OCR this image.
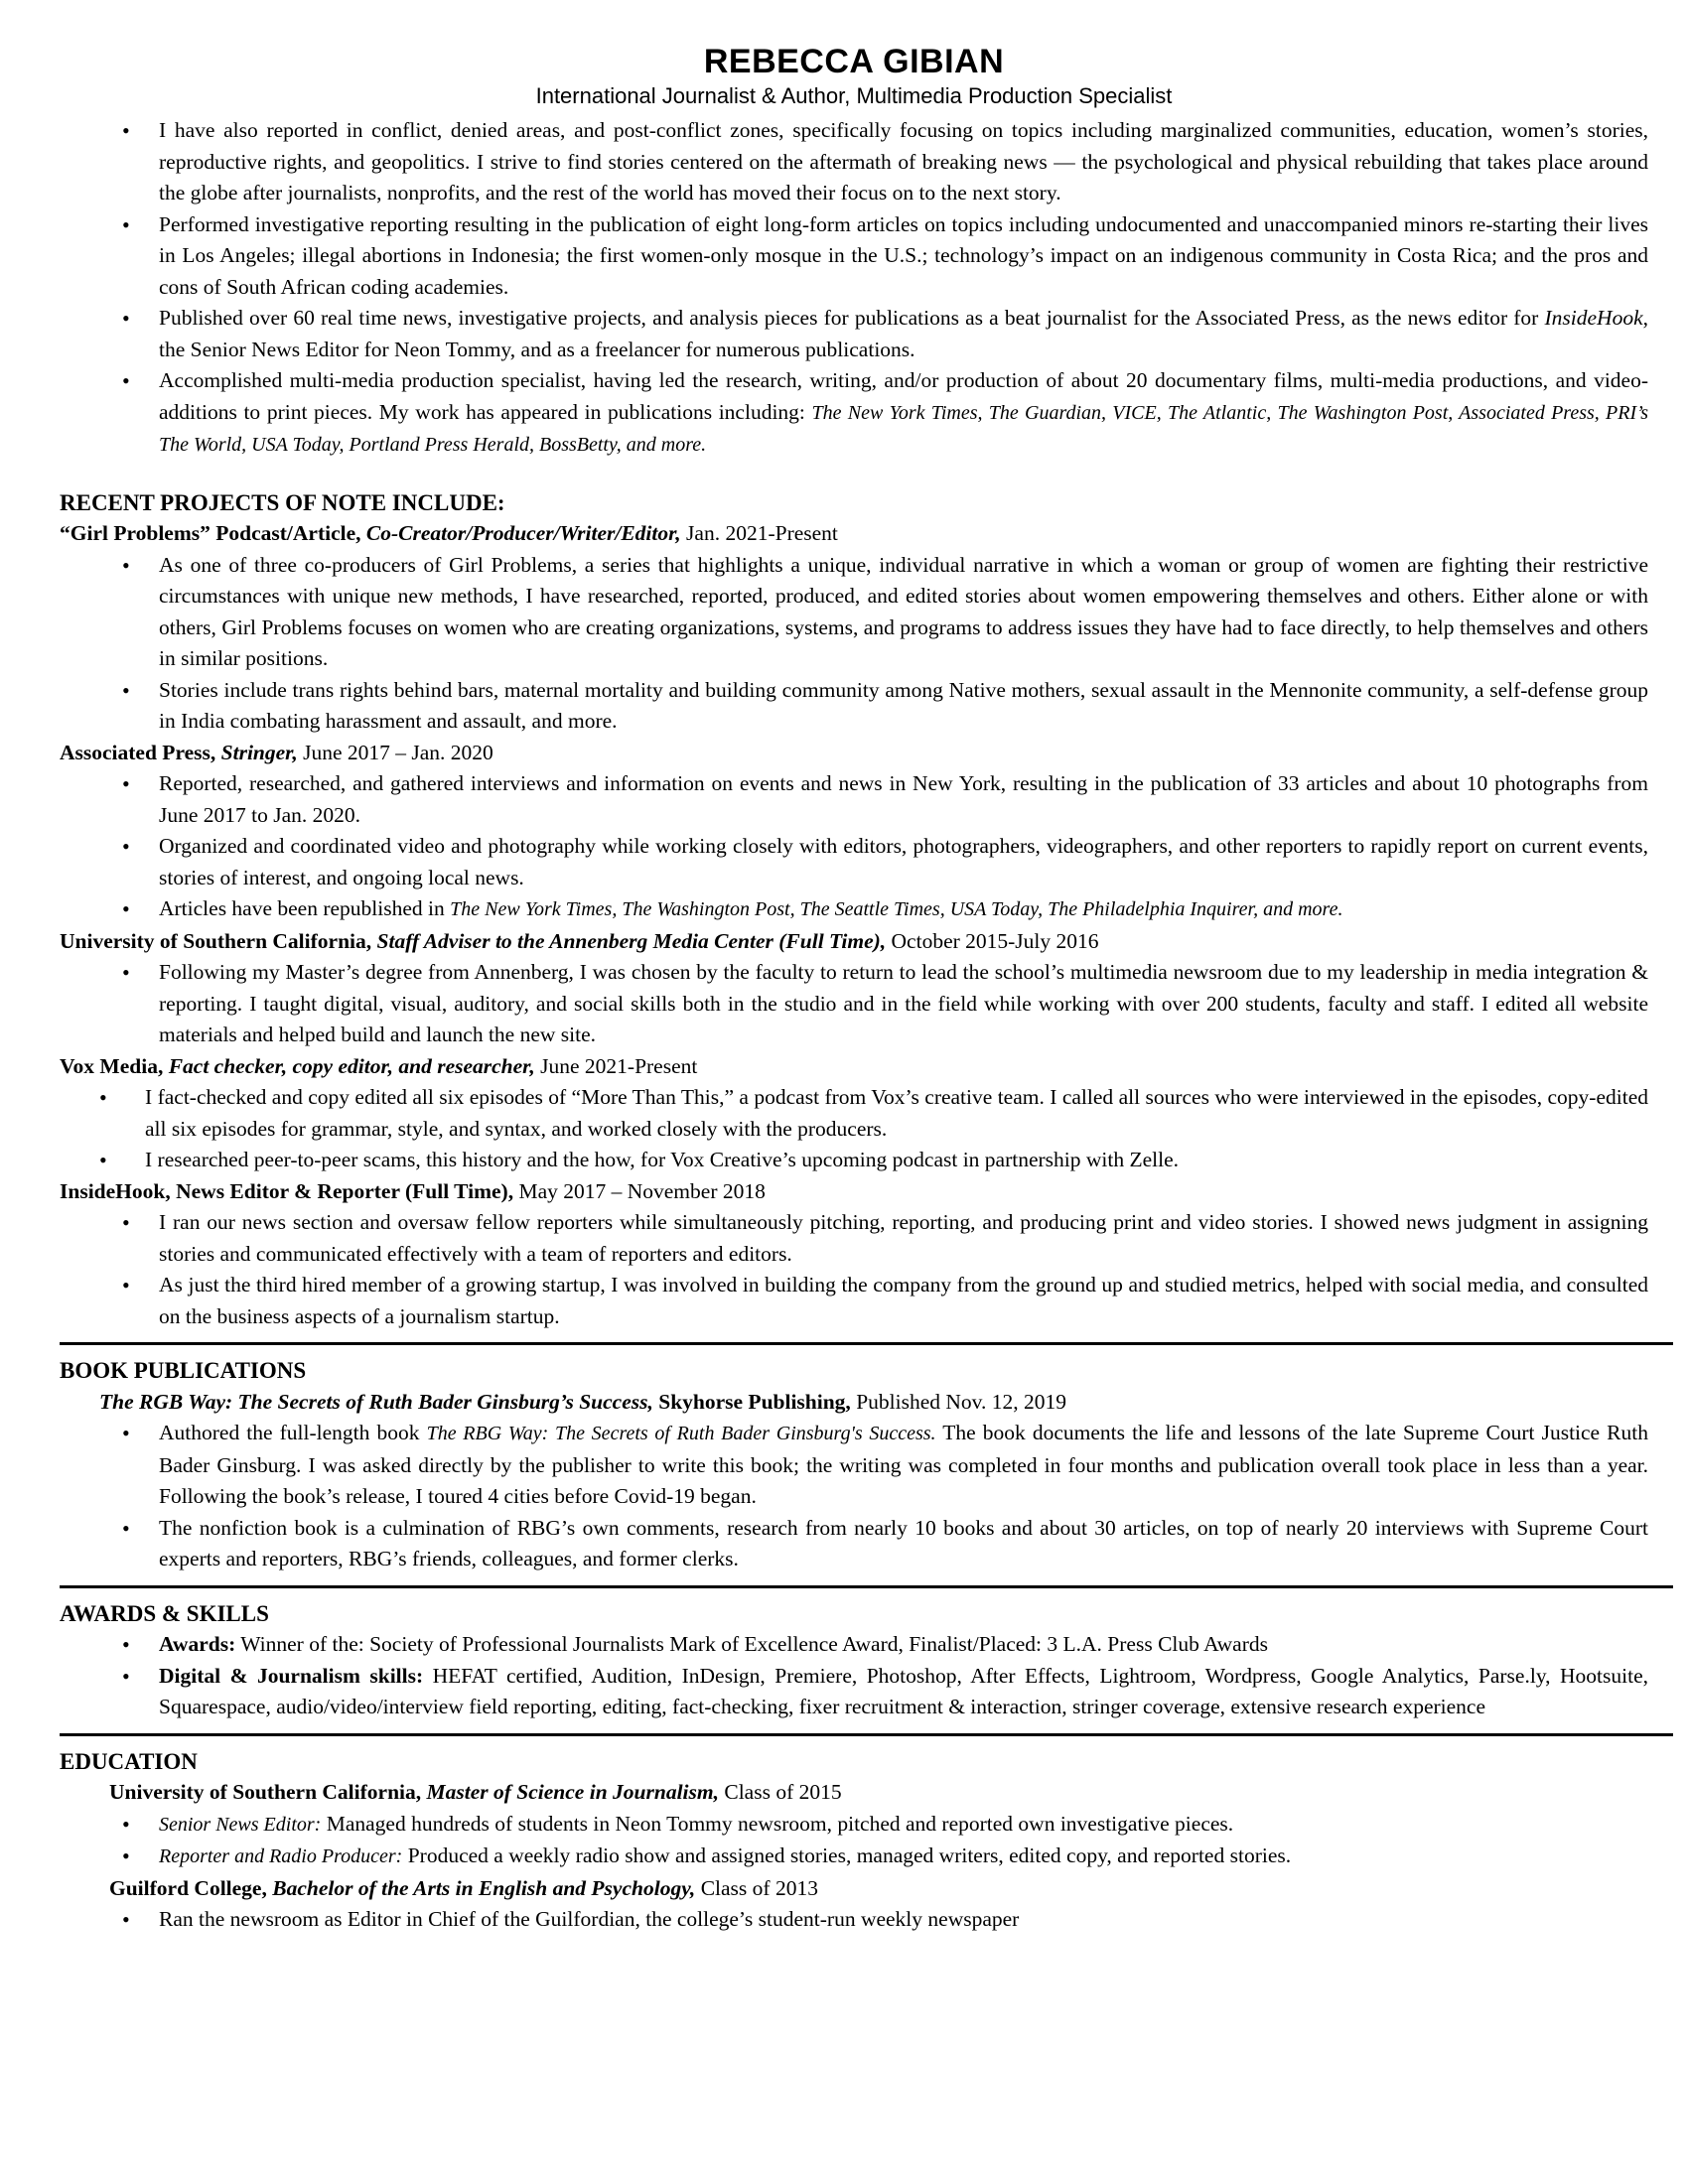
REBECCA GIBIAN
International Journalist & Author, Multimedia Production Specialist
• I have also reported in conflict, denied areas, and post-conflict zones, specifically focusing on topics including marginalized communities, education, women’s stories, reproductive rights, and geopolitics. I strive to find stories centered on the aftermath of breaking news — the psychological and physical rebuilding that takes place around the globe after journalists, nonprofits, and the rest of the world has moved their focus on to the next story.
• Performed investigative reporting resulting in the publication of eight long-form articles on topics including undocumented and unaccompanied minors re-starting their lives in Los Angeles; illegal abortions in Indonesia; the first women-only mosque in the U.S.; technology’s impact on an indigenous community in Costa Rica; and the pros and cons of South African coding academies.
• Published over 60 real time news, investigative projects, and analysis pieces for publications as a beat journalist for the Associated Press, as the news editor for InsideHook, the Senior News Editor for Neon Tommy, and as a freelancer for numerous publications.
• Accomplished multi-media production specialist, having led the research, writing, and/or production of about 20 documentary films, multi-media productions, and video-additions to print pieces. My work has appeared in publications including: The New York Times, The Guardian, VICE, The Atlantic, The Washington Post, Associated Press, PRI’s The World, USA Today, Portland Press Herald, BossBetty, and more.
RECENT PROJECTS OF NOTE INCLUDE:
“Girl Problems” Podcast/Article, Co-Creator/Producer/Writer/Editor, Jan. 2021-Present
• As one of three co-producers of Girl Problems, a series that highlights a unique, individual narrative in which a woman or group of women are fighting their restrictive circumstances with unique new methods, I have researched, reported, produced, and edited stories about women empowering themselves and others. Either alone or with others, Girl Problems focuses on women who are creating organizations, systems, and programs to address issues they have had to face directly, to help themselves and others in similar positions.
• Stories include trans rights behind bars, maternal mortality and building community among Native mothers, sexual assault in the Mennonite community, a self-defense group in India combating harassment and assault, and more.
Associated Press, Stringer, June 2017 – Jan. 2020
• Reported, researched, and gathered interviews and information on events and news in New York, resulting in the publication of 33 articles and about 10 photographs from June 2017 to Jan. 2020.
• Organized and coordinated video and photography while working closely with editors, photographers, videographers, and other reporters to rapidly report on current events, stories of interest, and ongoing local news.
• Articles have been republished in The New York Times, The Washington Post, The Seattle Times, USA Today, The Philadelphia Inquirer, and more.
University of Southern California, Staff Adviser to the Annenberg Media Center (Full Time), October 2015-July 2016
• Following my Master’s degree from Annenberg, I was chosen by the faculty to return to lead the school’s multimedia newsroom due to my leadership in media integration & reporting. I taught digital, visual, auditory, and social skills both in the studio and in the field while working with over 200 students, faculty and staff. I edited all website materials and helped build and launch the new site.
Vox Media, Fact checker, copy editor, and researcher, June 2021-Present
• I fact-checked and copy edited all six episodes of “More Than This,” a podcast from Vox’s creative team. I called all sources who were interviewed in the episodes, copy-edited all six episodes for grammar, style, and syntax, and worked closely with the producers.
• I researched peer-to-peer scams, this history and the how, for Vox Creative’s upcoming podcast in partnership with Zelle.
InsideHook, News Editor & Reporter (Full Time), May 2017 – November 2018
• I ran our news section and oversaw fellow reporters while simultaneously pitching, reporting, and producing print and video stories. I showed news judgment in assigning stories and communicated effectively with a team of reporters and editors.
• As just the third hired member of a growing startup, I was involved in building the company from the ground up and studied metrics, helped with social media, and consulted on the business aspects of a journalism startup.
BOOK PUBLICATIONS
The RGB Way: The Secrets of Ruth Bader Ginsburg’s Success, Skyhorse Publishing, Published Nov. 12, 2019
• Authored the full-length book The RBG Way: The Secrets of Ruth Bader Ginsburg's Success. The book documents the life and lessons of the late Supreme Court Justice Ruth Bader Ginsburg. I was asked directly by the publisher to write this book; the writing was completed in four months and publication overall took place in less than a year. Following the book’s release, I toured 4 cities before Covid-19 began.
• The nonfiction book is a culmination of RBG’s own comments, research from nearly 10 books and about 30 articles, on top of nearly 20 interviews with Supreme Court experts and reporters, RBG’s friends, colleagues, and former clerks.
AWARDS & SKILLS
• Awards: Winner of the: Society of Professional Journalists Mark of Excellence Award, Finalist/Placed: 3 L.A. Press Club Awards
• Digital & Journalism skills: HEFAT certified, Audition, InDesign, Premiere, Photoshop, After Effects, Lightroom, Wordpress, Google Analytics, Parse.ly, Hootsuite, Squarespace, audio/video/interview field reporting, editing, fact-checking, fixer recruitment & interaction, stringer coverage, extensive research experience
EDUCATION
University of Southern California, Master of Science in Journalism, Class of 2015
• Senior News Editor: Managed hundreds of students in Neon Tommy newsroom, pitched and reported own investigative pieces.
• Reporter and Radio Producer: Produced a weekly radio show and assigned stories, managed writers, edited copy, and reported stories.
Guilford College, Bachelor of the Arts in English and Psychology, Class of 2013
• Ran the newsroom as Editor in Chief of the Guilfordian, the college’s student-run weekly newspaper
